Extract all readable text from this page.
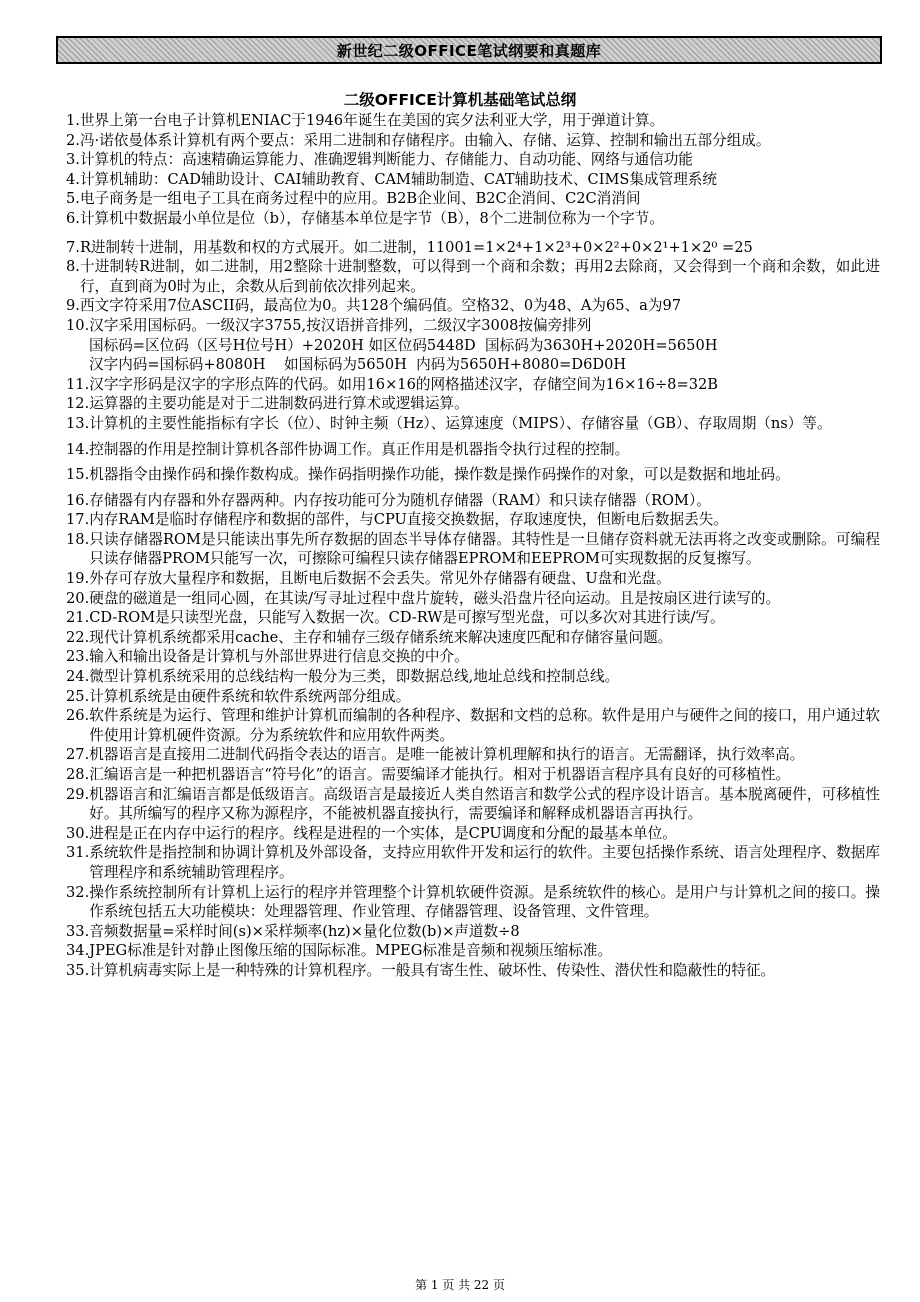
新世纪二级OFFICE笔试纲要和真题库
二级OFFICE计算机基础笔试总纲
1. 世界上第一台电子计算机ENIAC于1946年诞生在美国的宾夕法利亚大学，用于弹道计算。
2. 冯·诺依曼体系计算机有两个要点：采用二进制和存储程序。由输入、存储、运算、控制和输出五部分组成。
3. 计算机的特点：高速精确运算能力、准确逻辑判断能力、存储能力、自动功能、网络与通信功能
4. 计算机辅助：CAD辅助设计、CAI辅助教育、CAM辅助制造、CAT辅助技术、CIMS集成管理系统
5. 电子商务是一组电子工具在商务过程中的应用。B2B企业间、B2C企消间、C2C消消间
6. 计算机中数据最小单位是位（b），存储基本单位是字节（B），8个二进制位称为一个字节。
7. R进制转十进制，用基数和权的方式展开。如二进制，11001=1×2⁴+1×2³+0×2²+0×2¹+1×2⁰ =25
8. 十进制转R进制，如二进制，用2整除十进制整数，可以得到一个商和余数；再用2去除商，又会得到一个商和余数，如此进行，直到商为0时为止，余数从后到前依次排列起来。
9. 西文字符采用7位ASCII码，最高位为0。共128个编码值。空格32、0为48、A为65、a为97
10. 汉字采用国标码。一级汉字3755,按汉语拼音排列，二级汉字3008按偏旁排列
国标码=区位码（区号H位号H）+2020H 如区位码5448D  国标码为3630H+2020H=5650H
汉字内码=国标码+8080H    如国标码为5650H  内码为5650H+8080=D6D0H
11. 汉字字形码是汉字的字形点阵的代码。如用16×16的网格描述汉字，存储空间为16×16÷8=32B
12. 运算器的主要功能是对于二进制数码进行算术或逻辑运算。
13. 计算机的主要性能指标有字长（位）、时钟主频（Hz）、运算速度（MIPS）、存储容量（GB）、存取周期（ns）等。
14. 控制器的作用是控制计算机各部件协调工作。真正作用是机器指令执行过程的控制。
15. 机器指令由操作码和操作数构成。操作码指明操作功能，操作数是操作码操作的对象，可以是数据和地址码。
16. 存储器有内存器和外存器两种。内存按功能可分为随机存储器（RAM）和只读存储器（ROM）。
17. 内存RAM是临时存储程序和数据的部件，与CPU直接交换数据，存取速度快，但断电后数据丢失。
18. 只读存储器ROM是只能读出事先所存数据的固态半导体存储器。其特性是一旦储存资料就无法再将之改变或删除。可编程只读存储器PROM只能写一次，可擦除可编程只读存储器EPROM和EEPROM可实现数据的反复擦写。
19. 外存可存放大量程序和数据，且断电后数据不会丢失。常见外存储器有硬盘、U盘和光盘。
20. 硬盘的磁道是一组同心圆，在其读/写寻址过程中盘片旋转，磁头沿盘片径向运动。且是按扇区进行读写的。
21. CD-ROM是只读型光盘，只能写入数据一次。CD-RW是可擦写型光盘，可以多次对其进行读/写。
22. 现代计算机系统都采用cache、主存和辅存三级存储系统来解决速度匹配和存储容量问题。
23. 输入和输出设备是计算机与外部世界进行信息交换的中介。
24. 微型计算机系统采用的总线结构一般分为三类，即数据总线,地址总线和控制总线。
25. 计算机系统是由硬件系统和软件系统两部分组成。
26. 软件系统是为运行、管理和维护计算机而编制的各种程序、数据和文档的总称。软件是用户与硬件之间的接口，用户通过软件使用计算机硬件资源。分为系统软件和应用软件两类。
27. 机器语言是直接用二进制代码指令表达的语言。是唯一能被计算机理解和执行的语言。无需翻译，执行效率高。
28. 汇编语言是一种把机器语言“符号化”的语言。需要编译才能执行。相对于机器语言程序具有良好的可移植性。
29. 机器语言和汇编语言都是低级语言。高级语言是最接近人类自然语言和数学公式的程序设计语言。基本脱离硬件，可移植性好。其所编写的程序又称为源程序，不能被机器直接执行，需要编译和解释成机器语言再执行。
30. 进程是正在内存中运行的程序。线程是进程的一个实体，是CPU调度和分配的最基本单位。
31. 系统软件是指控制和协调计算机及外部设备，支持应用软件开发和运行的软件。主要包括操作系统、语言处理程序、数据库管理程序和系统辅助管理程序。
32. 操作系统控制所有计算机上运行的程序并管理整个计算机软硬件资源。是系统软件的核心。是用户与计算机之间的接口。操作系统包括五大功能模块：处理器管理、作业管理、存储器管理、设备管理、文件管理。
33. 音频数据量=采样时间(s)×采样频率(hz)×量化位数(b)×声道数÷8
34. JPEG标准是针对静止图像压缩的国际标准。MPEG标准是音频和视频压缩标准。
35. 计算机病毒实际上是一种特殊的计算机程序。一般具有寄生性、破坏性、传染性、潜伏性和隐蔽性的特征。
第 1 页 共 22 页
